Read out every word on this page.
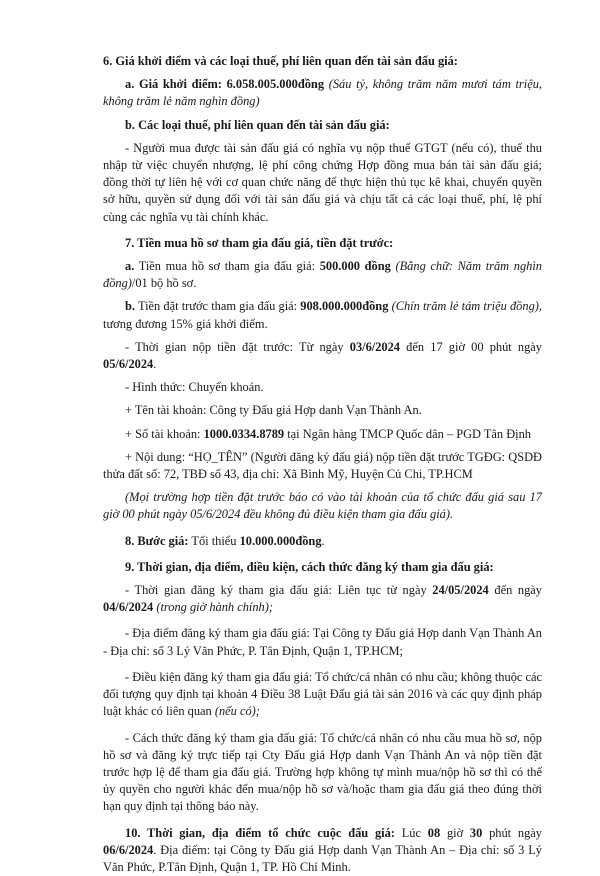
6. Giá khởi điểm và các loại thuế, phí liên quan đến tài sản đấu giá:

a. Giá khởi điểm: 6.058.005.000đồng (Sáu tỷ, không trăm năm mươi tám triệu, không trăm lẻ năm nghìn đồng)

b. Các loại thuế, phí liên quan đến tài sản đấu giá:

- Người mua được tài sản đấu giá có nghĩa vụ nộp thuế GTGT (nếu có), thuế thu nhập từ việc chuyển nhượng, lệ phí công chứng Hợp đồng mua bán tài sản đấu giá; đồng thời tự liên hệ với cơ quan chức năng để thực hiện thủ tục kê khai, chuyển quyền sở hữu, quyền sử dụng đối với tài sản đấu giá và chịu tất cả các loại thuế, phí, lệ phí cùng các nghĩa vụ tài chính khác.

7. Tiền mua hồ sơ tham gia đấu giá, tiền đặt trước:

a. Tiền mua hồ sơ tham gia đấu giá: 500.000 đồng (Bằng chữ: Năm trăm nghìn đồng)/01 bộ hồ sơ.

b. Tiền đặt trước tham gia đấu giá: 908.000.000đồng (Chín trăm lẻ tám triệu đồng), tương đương 15% giá khởi điểm.

- Thời gian nộp tiền đặt trước: Từ ngày 03/6/2024 đến 17 giờ 00 phút ngày 05/6/2024.

- Hình thức: Chuyển khoản.

+ Tên tài khoản: Công ty Đấu giá Hợp danh Vạn Thành An.

+ Số tài khoản: 1000.0334.8789 tại Ngân hàng TMCP Quốc dân – PGD Tân Định

+ Nội dung: “HỌ_TÊN” (Người đăng ký đấu giá) nộp tiền đặt trước TGĐG: QSDĐ thửa đất số: 72, TBĐ số 43, địa chỉ: Xã Bình Mỹ, Huyện Củ Chi, TP.HCM

(Mọi trường hợp tiền đặt trước báo có vào tài khoản của tổ chức đấu giá sau 17 giờ 00 phút ngày 05/6/2024 đều không đủ điều kiện tham gia đấu giá).

8. Bước giá: Tối thiểu 10.000.000đồng.

9. Thời gian, địa điểm, điều kiện, cách thức đăng ký tham gia đấu giá:

- Thời gian đăng ký tham gia đấu giá: Liên tục từ ngày 24/05/2024 đến ngày 04/6/2024 (trong giờ hành chính);

- Địa điểm đăng ký tham gia đấu giá: Tại Công ty Đấu giá Hợp danh Vạn Thành An - Địa chỉ: số 3 Lý Văn Phức, P. Tân Định, Quận 1, TP.HCM;

- Điều kiện đăng ký tham gia đấu giá: Tổ chức/cá nhân có nhu cầu; không thuộc các đối tượng quy định tại khoản 4 Điều 38 Luật Đấu giá tài sản 2016 và các quy định pháp luật khác có liên quan (nếu có);

- Cách thức đăng ký tham gia đấu giá: Tổ chức/cá nhân có nhu cầu mua hồ sơ, nộp hồ sơ và đăng ký trực tiếp tại Cty Đấu giá Hợp danh Vạn Thành An và nộp tiền đặt trước hợp lệ để tham gia đấu giá. Trường hợp không tự mình mua/nộp hồ sơ thì có thể ủy quyền cho người khác đến mua/nộp hồ sơ và/hoặc tham gia đấu giá theo đúng thời hạn quy định tại thông báo này.

10. Thời gian, địa điểm tổ chức cuộc đấu giá: Lúc 08 giờ 30 phút ngày 06/6/2024. Địa điểm: tại Công ty Đấu giá Hợp danh Vạn Thành An – Địa chỉ: số 3 Lý Văn Phức, P.Tân Định, Quận 1, TP. Hồ Chí Minh.
